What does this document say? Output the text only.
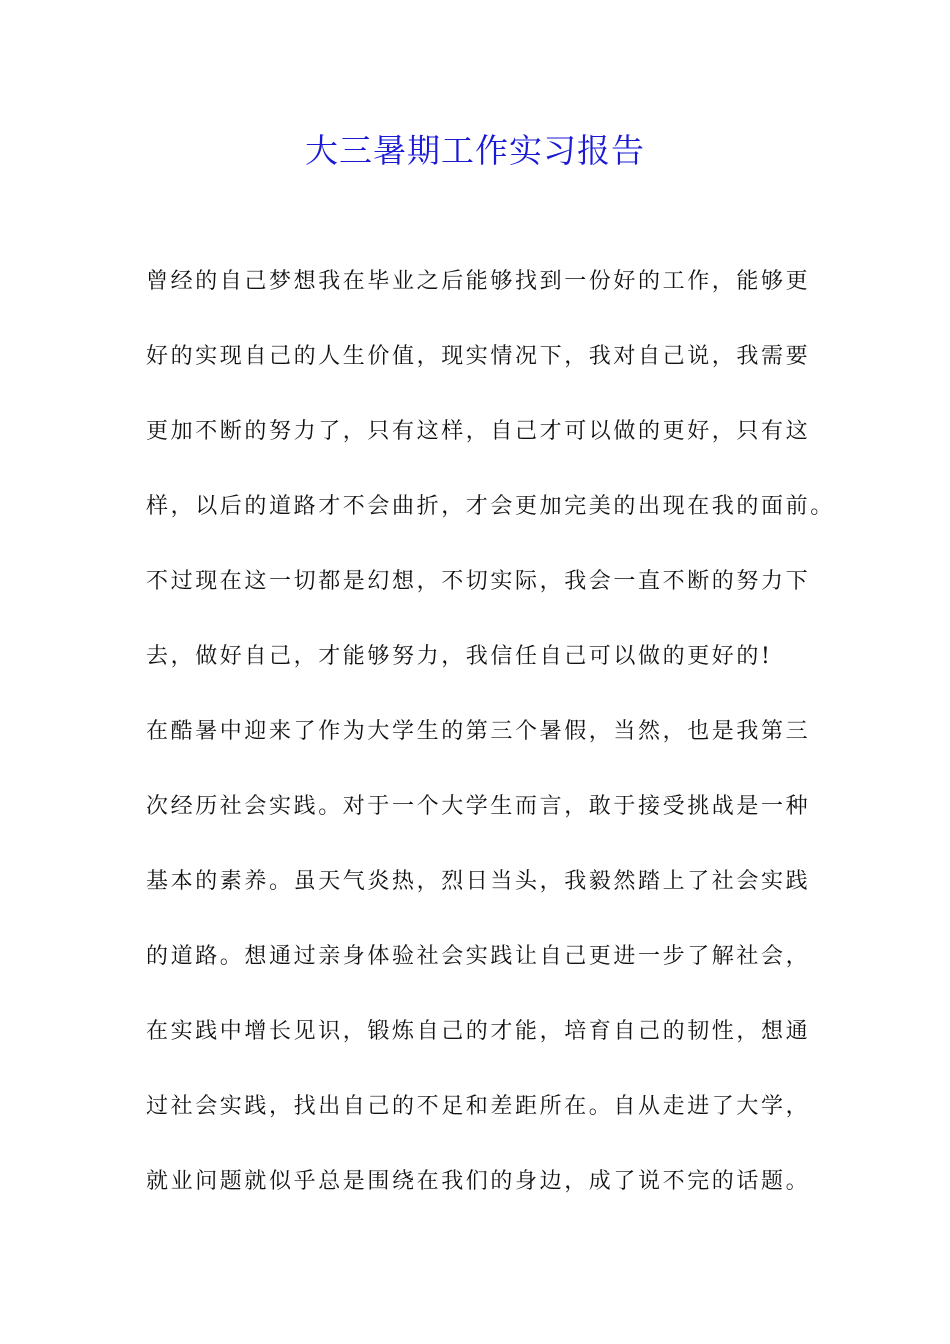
大三暑期工作实习报告
曾经的自己梦想我在毕业之后能够找到一份好的工作，能够更
好的实现自己的人生价值，现实情况下，我对自己说，我需要
更加不断的努力了，只有这样，自己才可以做的更好，只有这
样，以后的道路才不会曲折，才会更加完美的出现在我的面前。
不过现在这一切都是幻想，不切实际，我会一直不断的努力下
去，做好自己，才能够努力，我信任自己可以做的更好的!
在酷暑中迎来了作为大学生的第三个暑假，当然，也是我第三
次经历社会实践。对于一个大学生而言，敢于接受挑战是一种
基本的素养。虽天气炎热，烈日当头，我毅然踏上了社会实践
的道路。想通过亲身体验社会实践让自己更进一步了解社会，
在实践中增长见识，锻炼自己的才能，培育自己的韧性，想通
过社会实践，找出自己的不足和差距所在。自从走进了大学，
就业问题就似乎总是围绕在我们的身边，成了说不完的话题。
